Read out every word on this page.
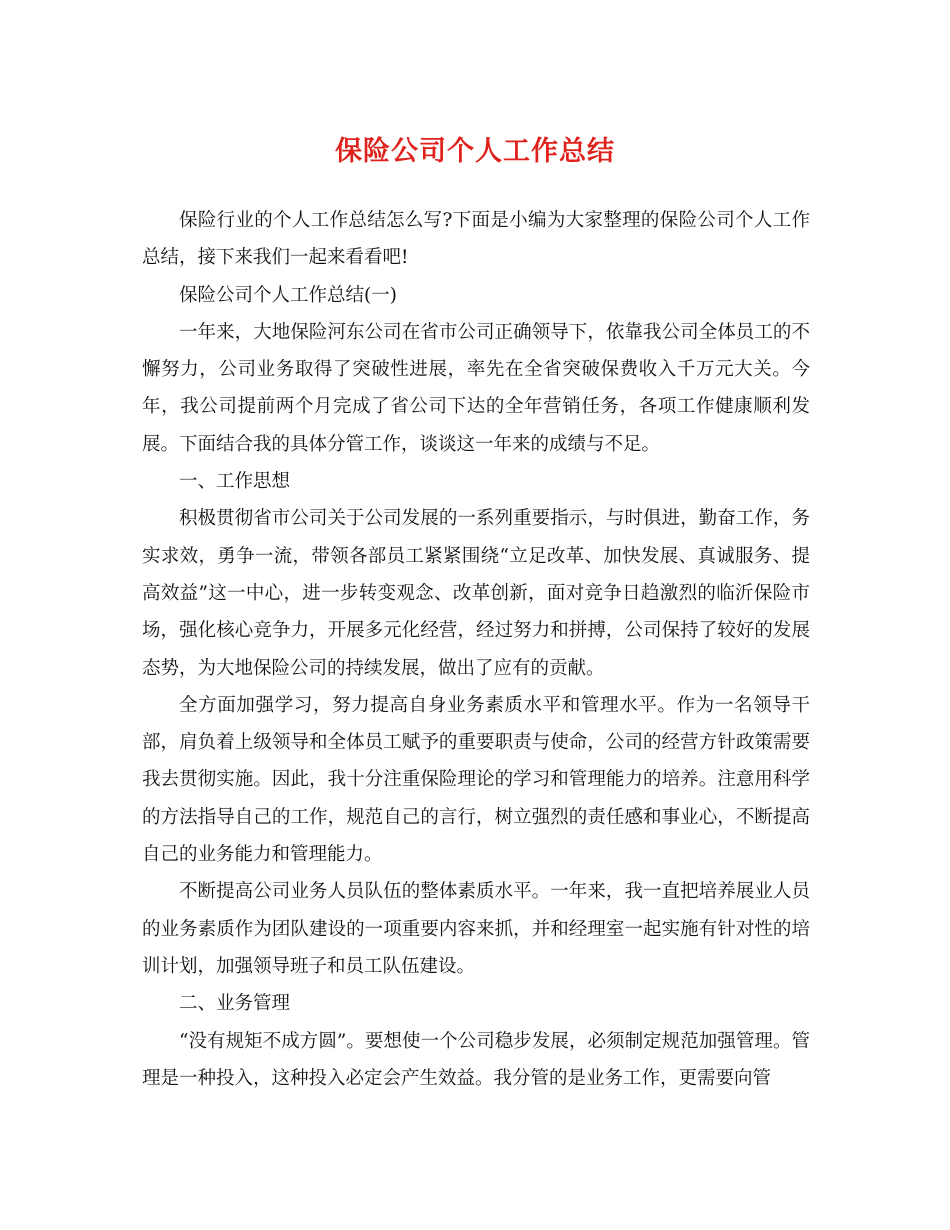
保险公司个人工作总结

保险行业的个人工作总结怎么写?下面是小编为大家整理的保险公司个人工作总结，接下来我们一起来看看吧!

保险公司个人工作总结(一)

一年来，大地保险河东公司在省市公司正确领导下，依靠我公司全体员工的不懈努力，公司业务取得了突破性进展，率先在全省突破保费收入千万元大关。今年，我公司提前两个月完成了省公司下达的全年营销任务，各项工作健康顺利发展。下面结合我的具体分管工作，谈谈这一年来的成绩与不足。

一、工作思想

积极贯彻省市公司关于公司发展的一系列重要指示，与时俱进，勤奋工作，务实求效，勇争一流，带领各部员工紧紧围绕“立足改革、加快发展、真诚服务、提高效益”这一中心，进一步转变观念、改革创新，面对竞争日趋激烈的临沂保险市场，强化核心竞争力，开展多元化经营，经过努力和拼搏，公司保持了较好的发展态势，为大地保险公司的持续发展，做出了应有的贡献。

全方面加强学习，努力提高自身业务素质水平和管理水平。作为一名领导干部，肩负着上级领导和全体员工赋予的重要职责与使命，公司的经营方针政策需要我去贯彻实施。因此，我十分注重保险理论的学习和管理能力的培养。注意用科学的方法指导自己的工作，规范自己的言行，树立强烈的责任感和事业心，不断提高自己的业务能力和管理能力。

不断提高公司业务人员队伍的整体素质水平。一年来，我一直把培养展业人员的业务素质作为团队建设的一项重要内容来抓，并和经理室一起实施有针对性的培训计划，加强领导班子和员工队伍建设。

二、业务管理

“没有规矩不成方圆”。要想使一个公司稳步发展，必须制定规范加强管理。管理是一种投入，这种投入必定会产生效益。我分管的是业务工作，更需要向管
